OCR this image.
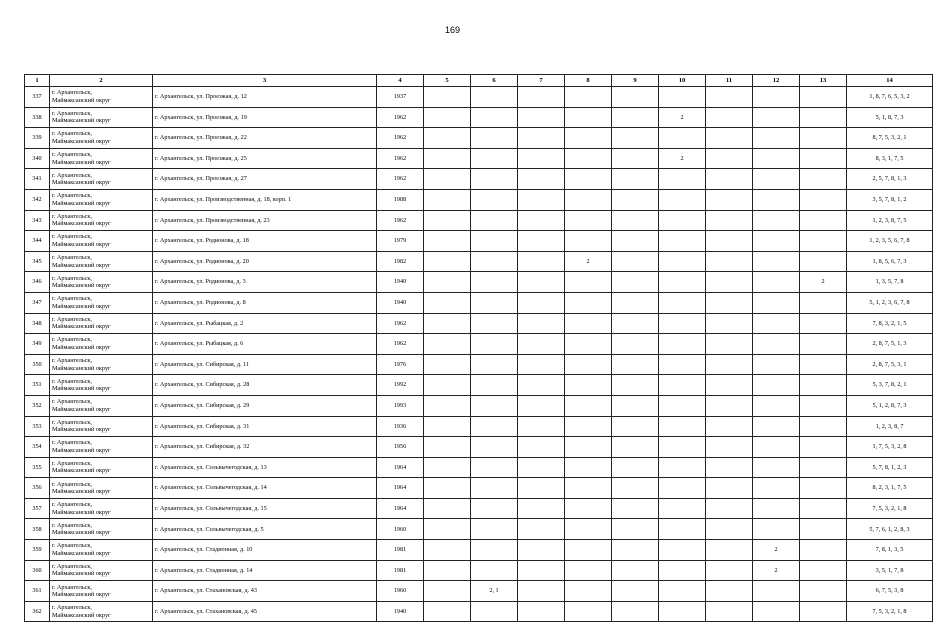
169
1	2	3	4	5	6	7	8	9	10	11	12	13	14
337	г. Архангельск,
Маймаксанский округ	г. Архангельск, ул. Проезжая, д. 12	1937										1, 8, 7, 6, 5, 3, 2
338	г. Архангельск,
Маймаксанский округ	г. Архангельск, ул. Проезжая, д. 19	1962						2				5, 1, 8, 7, 3
339	г. Архангельск,
Маймаксанский округ	г. Архангельск, ул. Проезжая, д. 22	1962										8, 7, 5, 3, 2, 1
340	г. Архангельск,
Маймаксанский округ	г. Архангельск, ул. Проезжая, д. 25	1962						2				8, 3, 1, 7, 5
341	г. Архангельск,
Маймаксанский округ	г. Архангельск, ул. Проезжая, д. 27	1962										2, 5, 7, 8, 1, 3
342	г. Архангельск,
Маймаксанский округ	г. Архангельск, ул. Производственная, д. 18, корп. 1	1988										3, 5, 7, 8, 1, 2
343	г. Архангельск,
Маймаксанский округ	г. Архангельск, ул. Производственная, д. 23	1962										1, 2, 3, 8, 7, 5
344	г. Архангельск,
Маймаксанский округ	г. Архангельск, ул. Родионова, д. 18	1979										1, 2, 3, 5, 6, 7, 8
345	г. Архангельск,
Маймаксанский округ	г. Архангельск, ул. Родионова, д. 20	1982				2						1, 8, 5, 6, 7, 3
346	г. Архангельск,
Маймаксанский округ	г. Архангельск, ул. Родионова, д. 3	1940									2	1, 3, 5, 7, 8
347	г. Архангельск,
Маймаксанский округ	г. Архангельск, ул. Родионова, д. 8	1940										5, 1, 2, 3, 6, 7, 8
348	г. Архангельск,
Маймаксанский округ	г. Архангельск, ул. Рыбацкая, д. 2	1962										7, 8, 3, 2, 1, 5
349	г. Архангельск,
Маймаксанский округ	г. Архангельск, ул. Рыбацкая, д. 6	1962										2, 8, 7, 5, 1, 3
350	г. Архангельск,
Маймаксанский округ	г. Архангельск, ул. Сибирская, д. 11	1976										2, 8, 7, 5, 3, 1
351	г. Архангельск,
Маймаксанский округ	г. Архангельск, ул. Сибирская, д. 28	1992										5, 3, 7, 8, 2, 1
352	г. Архангельск,
Маймаксанский округ	г. Архангельск, ул. Сибирская, д. 29	1993										5, 1, 2, 8, 7, 3
353	г. Архангельск,
Маймаксанский округ	г. Архангельск, ул. Сибирская, д. 31	1936										1, 2, 3, 8, 7
354	г. Архангельск,
Маймаксанский округ	г. Архангельск, ул. Сибирская, д. 32	1956										1, 7, 5, 3, 2, 8
355	г. Архангельск,
Маймаксанский округ	г. Архангельск, ул. Сольвычегодская, д. 13	1964										5, 7, 8, 1, 2, 3
356	г. Архангельск,
Маймаксанский округ	г. Архангельск, ул. Сольвычегодская, д. 14	1964										8, 2, 3, 1, 7, 5
357	г. Архангельск,
Маймаксанский округ	г. Архангельск, ул. Сольвычегодская, д. 15	1964										7, 5, 3, 2, 1, 8
358	г. Архангельск,
Маймаксанский округ	г. Архангельск, ул. Сольвычегодская, д. 5	1960										5, 7, 6, 1, 2, 8, 3
359	г. Архангельск,
Маймаксанский округ	г. Архангельск, ул. Стадионная, д. 10	1981								2		7, 8, 1, 3, 5
360	г. Архангельск,
Маймаксанский округ	г. Архангельск, ул. Стадионная, д. 14	1981								2		3, 5, 1, 7, 8
361	г. Архангельск,
Маймаксанский округ	г. Архангельск, ул. Стахановская, д. 43	1960		2, 1								6, 7, 5, 3, 8
362	г. Архангельск,
Маймаксанский округ	г. Архангельск, ул. Стахановская, д. 45	1940										7, 5, 3, 2, 1, 8
